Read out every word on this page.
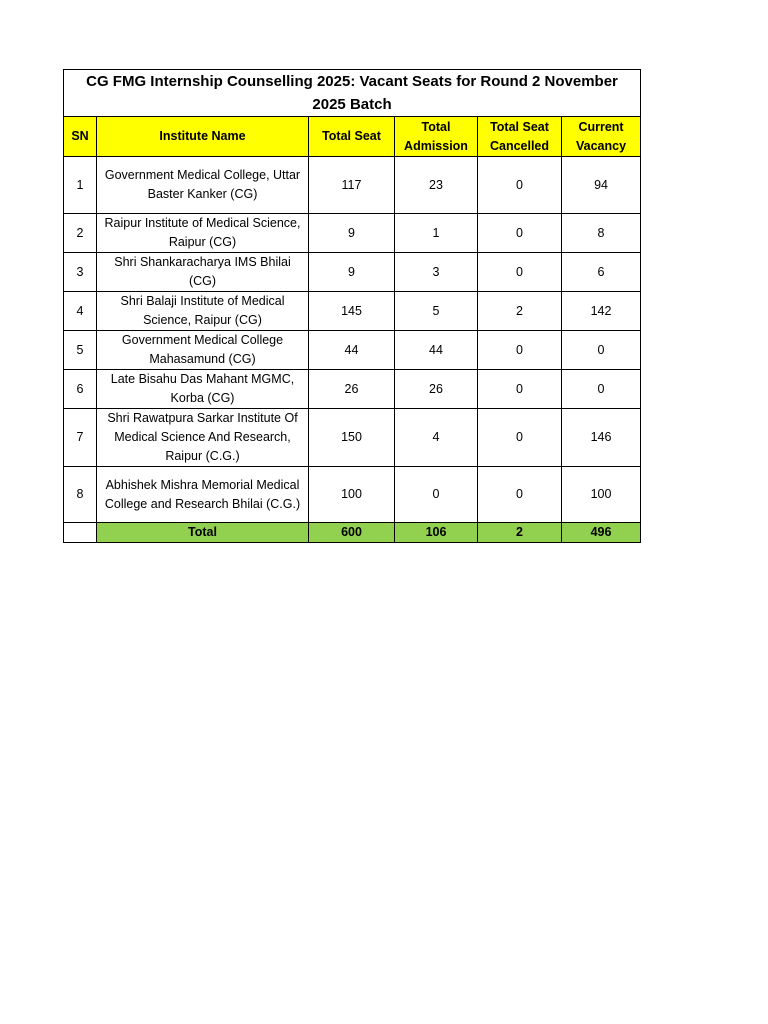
CG FMG Internship Counselling 2025: Vacant Seats for Round 2 November 2025 Batch					
SN	Institute Name	Total Seat	Total Admission	Total Seat Cancelled	Current Vacancy
1	Government Medical College, Uttar Baster Kanker (CG)	117	23	0	94
2	Raipur Institute of Medical Science, Raipur (CG)	9	1	0	8
3	Shri Shankaracharya IMS Bhilai (CG)	9	3	0	6
4	Shri Balaji Institute of Medical Science, Raipur (CG)	145	5	2	142
5	Government Medical College Mahasamund (CG)	44	44	0	0
6	Late Bisahu Das Mahant MGMC, Korba (CG)	26	26	0	0
7	Shri Rawatpura Sarkar Institute Of Medical Science And Research, Raipur (C.G.)	150	4	0	146
8	Abhishek Mishra Memorial Medical College and Research Bhilai (C.G.)	100	0	0	100
	Total	600	106	2	496
